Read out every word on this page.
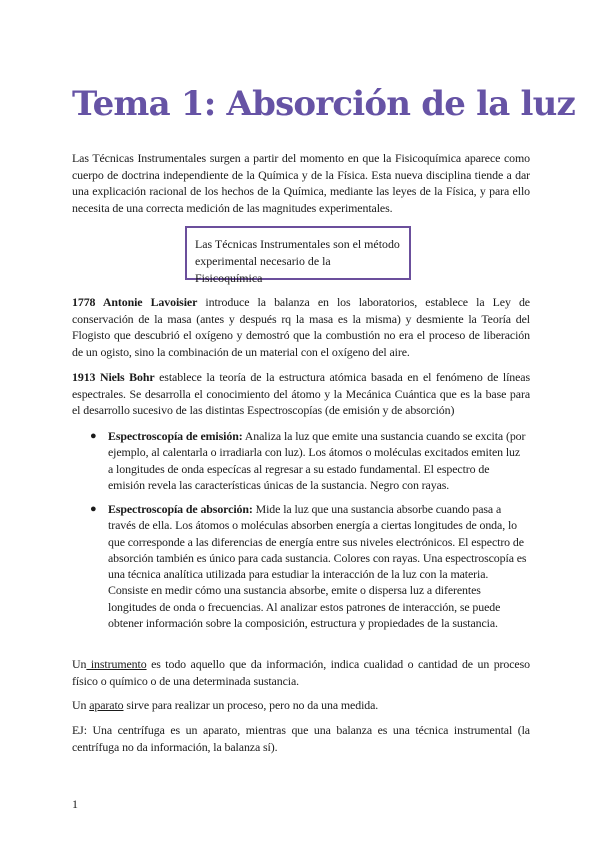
Tema 1: Absorción de la luz

Las Técnicas Instrumentales surgen a partir del momento en que la Fisicoquímica aparece como cuerpo de doctrina independiente de la Química y de la Física. Esta nueva disciplina tiende a dar una explicación racional de los hechos de la Química, mediante las leyes de la Física, y para ello necesita de una correcta medición de las magnitudes experimentales.

Las Técnicas Instrumentales son el método experimental necesario de la Fisicoquímica

1778 Antonie Lavoisier introduce la balanza en los laboratorios, establece la Ley de conservación de la masa (antes y después rq la masa es la misma) y desmiente la Teoría del Flogisto que descubrió el oxígeno y demostró que la combustión no era el proceso de liberación de un ogisto, sino la combinación de un material con el oxígeno del aire.

1913 Niels Bohr establece la teoría de la estructura atómica basada en el fenómeno de líneas espectrales. Se desarrolla el conocimiento del átomo y la Mecánica Cuántica que es la base para el desarrollo sucesivo de las distintas Espectroscopías (de emisión y de absorción)

● Espectroscopía de emisión: Analiza la luz que emite una sustancia cuando se excita (por ejemplo, al calentarla o irradiarla con luz). Los átomos o moléculas excitados emiten luz a longitudes de onda especícas al regresar a su estado fundamental. El espectro de emisión revela las características únicas de la sustancia. Negro con rayas.

● Espectroscopía de absorción: Mide la luz que una sustancia absorbe cuando pasa a través de ella. Los átomos o moléculas absorben energía a ciertas longitudes de onda, lo que corresponde a las diferencias de energía entre sus niveles electrónicos. El espectro de absorción también es único para cada sustancia. Colores con rayas. Una espectroscopía es una técnica analítica utilizada para estudiar la interacción de la luz con la materia. Consiste en medir cómo una sustancia absorbe, emite o dispersa luz a diferentes longitudes de onda o frecuencias. Al analizar estos patrones de interacción, se puede obtener información sobre la composición, estructura y propiedades de la sustancia.

Un instrumento es todo aquello que da información, indica cualidad o cantidad de un proceso físico o químico o de una determinada sustancia.

Un aparato sirve para realizar un proceso, pero no da una medida.

EJ: Una centrífuga es un aparato, mientras que una balanza es una técnica instrumental (la centrífuga no da información, la balanza sí).

1
